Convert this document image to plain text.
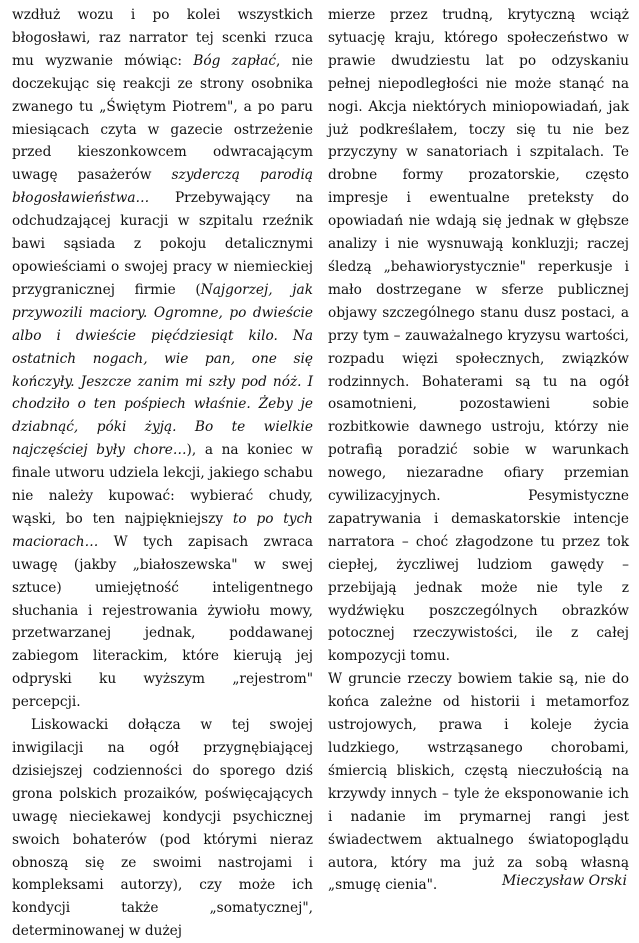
wzdłuż wozu i po kolei wszystkich błogosławi, raz narrator tej scenki rzuca mu wyzwanie mówiąc: Bóg zapłać, nie doczekując się reakcji ze strony osobnika zwanego tu „Świętym Piotrem", a po paru miesiącach czyta w gazecie ostrzeżenie przed kieszonkowcem odwracającym uwagę pasażerów szyderczą parodią błogosławieństwa… Przebywający na odchudzającej kuracji w szpitalu rzeźnik bawi sąsiada z pokoju detalicznymi opowieściami o swojej pracy w niemieckiej przygranicznej firmie (Najgorzej, jak przywozili maciory. Ogromne, po dwieście albo i dwieście pięćdziesiąt kilo. Na ostatnich nogach, wie pan, one się kończyły. Jeszcze zanim mi szły pod nóż. I chodziło o ten pośpiech właśnie. Żeby je dziabnąć, póki żyją. Bo te wielkie najczęściej były chore…), a na koniec w finale utworu udziela lekcji, jakiego schabu nie należy kupować: wybierać chudy, wąski, bo ten najpiękniejszy to po tych maciorach… W tych zapisach zwraca uwagę (jakby „białoszewska" w swej sztuce) umiejętność inteligentnego słuchania i rejestrowania żywiołu mowy, przetwarzanej jednak, poddawanej zabiegom literackim, które kierują jej odpryski ku wyższym „rejestrom" percepcji.

Liskowacki dołącza w tej swojej inwigilacji na ogół przygnębiającej dzisiejszej codzienności do sporego dziś grona polskich prozaików, poświęcających uwagę nieciekawej kondycji psychicznej swoich bohaterów (pod którymi nieraz obnoszą się ze swoimi nastrojami i kompleksami autorzy), czy może ich kondycji także „somatycznej", determinowanej w dużej

mierze przez trudną, krytyczną wciąż sytuację kraju, którego społeczeństwo w prawie dwudziestu lat po odzyskaniu pełnej niepodległości nie może stanąć na nogi. Akcja niektórych miniopowiadań, jak już podkreślałem, toczy się tu nie bez przyczyny w sanatoriach i szpitalach. Te drobne formy prozatorskie, często impresje i ewentualne preteksty do opowiadań nie wdają się jednak w głębsze analizy i nie wysnuwają konkluzji; raczej śledzą „behawiorystycznie" reperkusje i mało dostrzegane w sferze publicznej objawy szczególnego stanu dusz postaci, a przy tym – zauważalnego kryzysu wartości, rozpadu więzi społecznych, związków rodzinnych. Bohaterami są tu na ogół osamotnieni, pozostawieni sobie rozbitkowie dawnego ustroju, którzy nie potrafią poradzić sobie w warunkach nowego, niezaradne ofiary przemian cywilizacyjnych. Pesymistyczne zapatrywania i demaskatorskie intencje narratora – choć złagodzone tu przez tok ciepłej, życzliwej ludziom gawędy – przebijają jednak może nie tyle z wydźwięku poszczególnych obrazków potocznej rzeczywistości, ile z całej kompozycji tomu.

W gruncie rzeczy bowiem takie są, nie do końca zależne od historii i metamorfoz ustrojowych, prawa i koleje życia ludzkiego, wstrząsanego chorobami, śmiercią bliskich, częstą nieczułością na krzywdy innych – tyle że eksponowanie ich i nadanie im prymarnej rangi jest świadectwem aktualnego światopoglądu autora, który ma już za sobą własną „smugę cienia".	Mieczysław Orski
